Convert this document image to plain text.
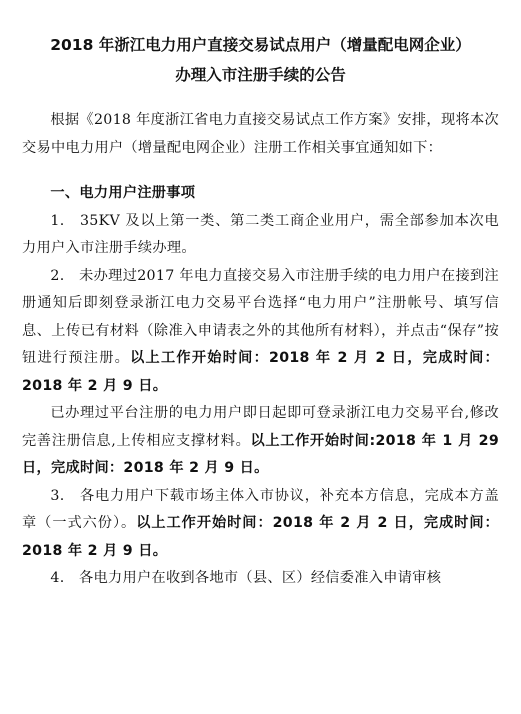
2018 年浙江电力用户直接交易试点用户（增量配电网企业）
办理入市注册手续的公告

根据《2018 年度浙江省电力直接交易试点工作方案》安排，现将本次交易中电力用户（增量配电网企业）注册工作相关事宜通知如下：

一、电力用户注册事项

1.　35KV 及以上第一类、第二类工商企业用户，需全部参加本次电力用户入市注册手续办理。

2.　未办理过2017 年电力直接交易入市注册手续的电力用户在接到注册通知后即刻登录浙江电力交易平台选择“电力用户”注册帐号、填写信息、上传已有材料（除准入申请表之外的其他所有材料），并点击“保存”按钮进行预注册。以上工作开始时间：2018 年 2 月 2 日，完成时间：2018 年 2 月 9 日。

已办理过平台注册的电力用户即日起即可登录浙江电力交易平台,修改完善注册信息,上传相应支撑材料。以上工作开始时间:2018 年 1 月 29 日，完成时间：2018 年 2 月 9 日。

3.　各电力用户下载市场主体入市协议，补充本方信息，完成本方盖章（一式六份）。以上工作开始时间：2018 年 2 月 2 日，完成时间：2018 年 2 月 9 日。

4.　各电力用户在收到各地市（县、区）经信委准入申请审核
